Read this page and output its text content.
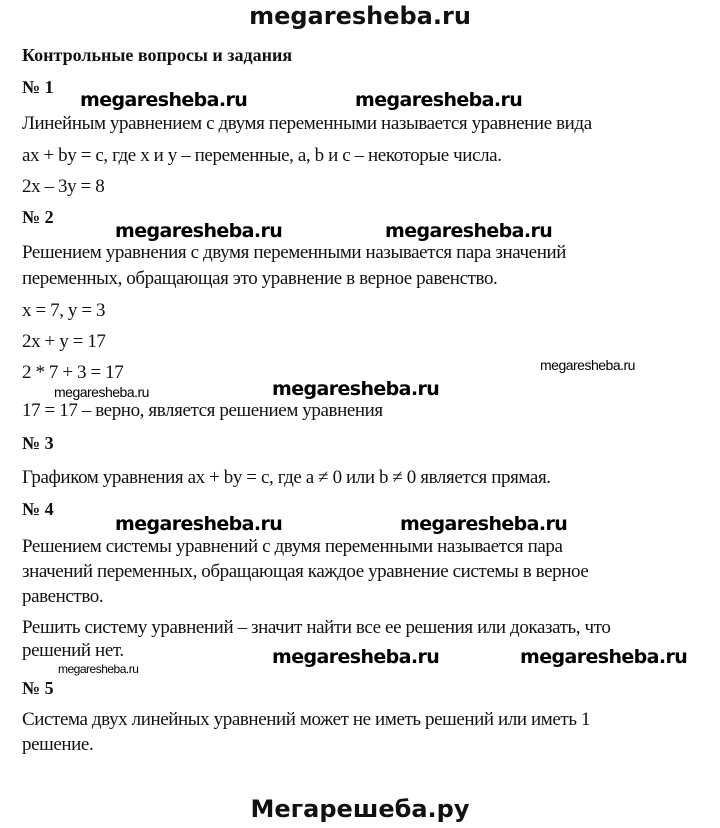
megaresheba.ru
Контрольные вопросы и задания
№ 1
megaresheba.ru	megaresheba.ru
Линейным уравнением с двумя переменными называется уравнение вида
ax + by = c, где x и y – переменные, a, b и c – некоторые числа.
2x – 3y = 8
№ 2
megaresheba.ru	megaresheba.ru
Решением уравнения с двумя переменными называется пара значений
переменных, обращающая это уравнение в верное равенство.
x = 7, y = 3
2x + y = 17
megaresheba.ru
2 * 7 + 3 = 17
megaresheba.ru	megaresheba.ru
17 = 17 – верно, является решением уравнения
№ 3
Графиком уравнения ax + by = c, где a ≠ 0 или b ≠ 0 является прямая.
№ 4
megaresheba.ru	megaresheba.ru
Решением системы уравнений с двумя переменными называется пара
значений переменных, обращающая каждое уравнение системы в верное
равенство.
Решить систему уравнений – значит найти все ее решения или доказать, что
решений нет.	megaresheba.ru	megaresheba.ru
megaresheba.ru
№ 5
Система двух линейных уравнений может не иметь решений или иметь 1
решение.
Мегарешеба.ру
